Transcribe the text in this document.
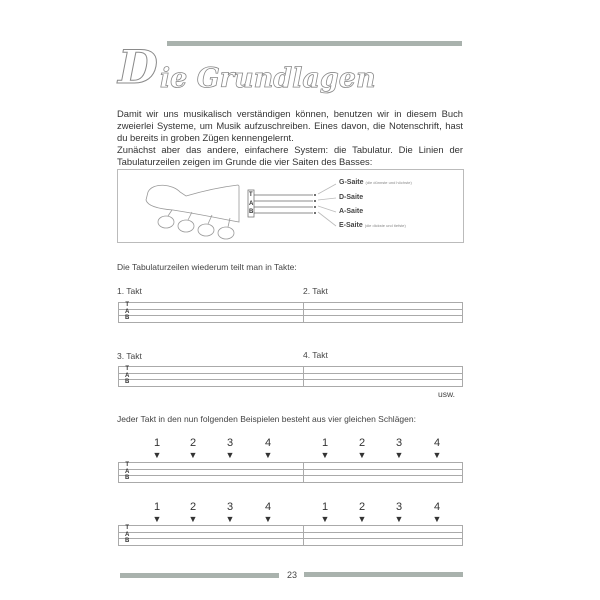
Die Grundlagen

Damit wir uns musikalisch verständigen können, benutzen wir in diesem Buch zweierlei Systeme, um Musik aufzuschreiben. Eines davon, die Notenschrift, hast du bereits in groben Zügen kennengelernt.

Zunächst aber das andere, einfachere System: die Tabulatur. Die Linien der Tabulaturzeilen zeigen im Grunde die vier Saiten des Basses:

T
A
B
G-Saite (die dünnste und höchste)
D-Saite
A-Saite
E-Saite (die dickste und tiefste)
Die Tabulaturzeilen wiederum teilt man in Takte:
1. Takt	2. Takt
T
A
B
3. Takt	4. Takt
T
A
B
usw.
Jeder Takt in den nun folgenden Beispielen besteht aus vier gleichen Schlägen:
1
▼
2
▼
3
▼
4
▼
1
▼
2
▼
3
▼
4
▼
T
A
B
1
▼
2
▼
3
▼
4
▼
1
▼
2
▼
3
▼
4
▼
T
A
B
23
